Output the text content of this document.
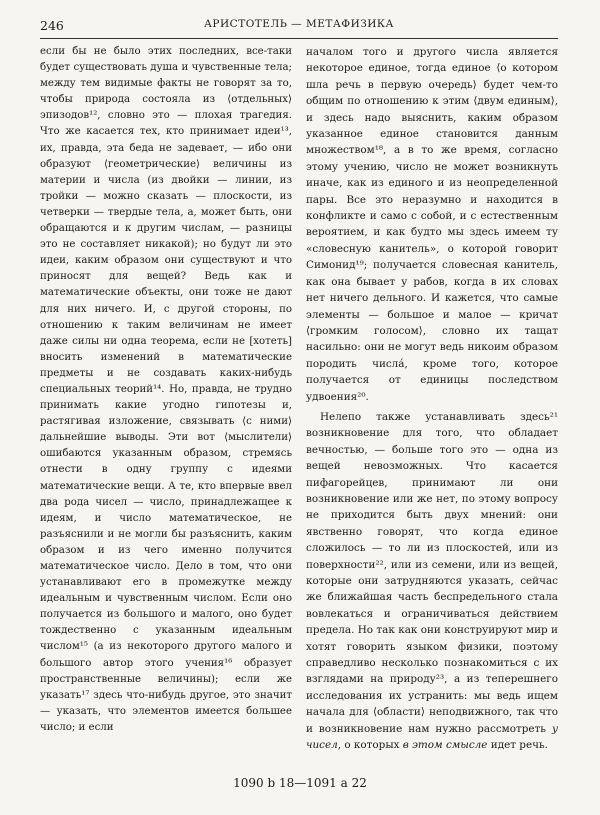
246	АРИСТОТЕЛЬ — МЕТАФИЗИКА

если бы не было этих последних, все-таки будет существовать душа и чувственные тела; между тем видимые факты не говорят за то, чтобы природа состояла из ⟨отдельных⟩ эпизодов¹², словно это — плохая трагедия. Что же касается тех, кто принимает идеи¹³, их, правда, эта беда не задевает, — ибо они образуют ⟨геометрические⟩ величины из материи и числа (из двойки — линии, из тройки — можно сказать — плоскости, из четверки — твердые тела, а, может быть, они обращаются и к другим числам, — разницы это не составляет никакой); но будут ли это идеи, каким образом они существуют и что приносят для вещей? Ведь как и математические объекты, они тоже не дают для них ничего. И, с другой стороны, по отношению к таким величинам не имеет даже силы ни одна теорема, если не [хотеть] вносить изменений в математические предметы и не создавать каких-нибудь специальных теорий¹⁴. Но, правда, не трудно принимать какие угодно гипотезы и, растягивая изложение, связывать ⟨с ними⟩ дальнейшие выводы. Эти вот ⟨мыслители⟩ ошибаются указанным образом, стремясь отнести в одну группу с идеями математические вещи. А те, кто впервые ввел два рода чисел — число, принадлежащее к идеям, и число математическое, не разъяснили и не могли бы разъяснить, каким образом и из чего именно получится математическое число. Дело в том, что они устанавливают его в промежутке между идеальным и чувственным числом. Если оно получается из большого и малого, оно будет тождественно с указанным идеальным числом¹⁵ (а из некоторого другого малого и большого автор этого учения¹⁶ образует пространственные величины); если же указать¹⁷ здесь что-нибудь другое, это значит — указать, что элементов имеется большее число; и если

началом того и другого числа является некоторое единое, тогда единое ⟨о котором шла речь в первую очередь⟩ будет чем-то общим по отношению к этим ⟨двум единым⟩, и здесь надо выяснить, каким образом указанное единое становится данным множеством¹⁸, а в то же время, согласно этому учению, число не может возникнуть иначе, как из единого и из неопределенной пары. Все это неразумно и находится в конфликте и само с собой, и с естественным вероятием, и как будто мы здесь имеем ту «словесную канитель», о которой говорит Симонид¹⁹; получается словесная канитель, как она бывает у рабов, когда в их словах нет ничего дельного. И кажется, что самые элементы — большое и малое — кричат ⟨громким голосом⟩, словно их тащат насильно: они не могут ведь никоим образом породить числá, кроме того, которое получается от единицы последством удвоения²⁰.

Нелепо также устанавливать здесь²¹ возникновение для того, что обладает вечностью, — больше того это — одна из вещей невозможных. Что касается пифагорейцев, принимают ли они возникновение или же нет, по этому вопросу не приходится быть двух мнений: они явственно говорят, что когда единое сложилось — то ли из плоскостей, или из поверхности²², или из семени, или из вещей, которые они затрудняются указать, сейчас же ближайшая часть беспредельного стала вовлекаться и ограничиваться действием предела. Но так как они конструируют мир и хотят говорить языком физики, поэтому справедливо несколько познакомиться с их взглядами на природу²³, а из теперешнего исследования их устранить: мы ведь ищем начала для ⟨области⟩ неподвижного, так что и возникновение нам нужно рассмотреть у чисел, о которых в этом смысле идет речь.

1090 b 18—1091 a 22
